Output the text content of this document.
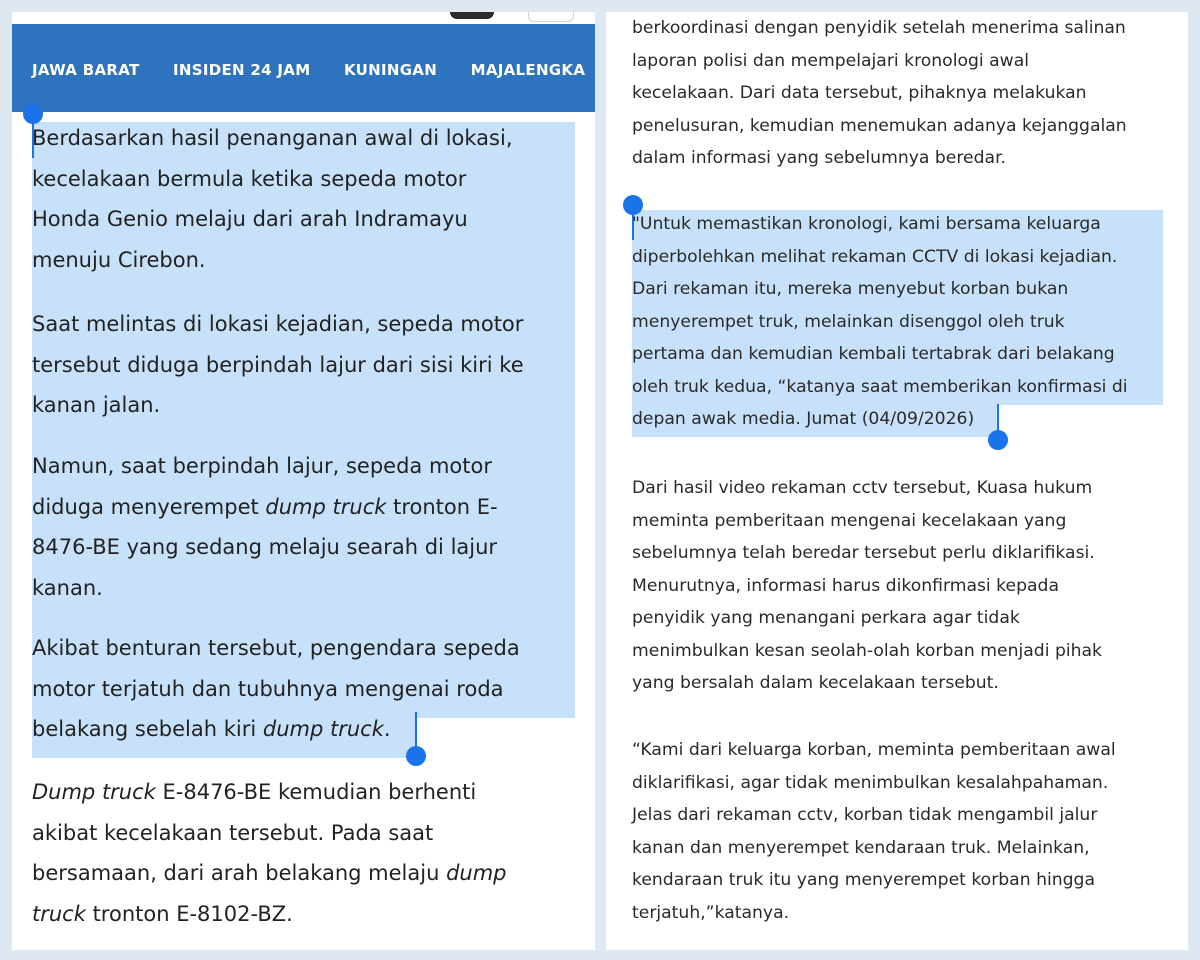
JAWA BARAT INSIDEN 24 JAM KUNINGAN MAJALENGKA
Berdasarkan hasil penanganan awal di lokasi,
kecelakaan bermula ketika sepeda motor
Honda Genio melaju dari arah Indramayu
menuju Cirebon.
Saat melintas di lokasi kejadian, sepeda motor
tersebut diduga berpindah lajur dari sisi kiri ke
kanan jalan.
Namun, saat berpindah lajur, sepeda motor
diduga menyerempet dump truck tronton E-
8476-BE yang sedang melaju searah di lajur
kanan.
Akibat benturan tersebut, pengendara sepeda
motor terjatuh dan tubuhnya mengenai roda
belakang sebelah kiri dump truck.
Dump truck E-8476-BE kemudian berhenti
akibat kecelakaan tersebut. Pada saat
bersamaan, dari arah belakang melaju dump
truck tronton E-8102-BZ.
berkoordinasi dengan penyidik setelah menerima salinan
laporan polisi dan mempelajari kronologi awal
kecelakaan. Dari data tersebut, pihaknya melakukan
penelusuran, kemudian menemukan adanya kejanggalan
dalam informasi yang sebelumnya beredar.
"Untuk memastikan kronologi, kami bersama keluarga
diperbolehkan melihat rekaman CCTV di lokasi kejadian.
Dari rekaman itu, mereka menyebut korban bukan
menyerempet truk, melainkan disenggol oleh truk
pertama dan kemudian kembali tertabrak dari belakang
oleh truk kedua, “katanya saat memberikan konfirmasi di
depan awak media. Jumat (04/09/2026)
Dari hasil video rekaman cctv tersebut, Kuasa hukum
meminta pemberitaan mengenai kecelakaan yang
sebelumnya telah beredar tersebut perlu diklarifikasi.
Menurutnya, informasi harus dikonfirmasi kepada
penyidik yang menangani perkara agar tidak
menimbulkan kesan seolah-olah korban menjadi pihak
yang bersalah dalam kecelakaan tersebut.
“Kami dari keluarga korban, meminta pemberitaan awal
diklarifikasi, agar tidak menimbulkan kesalahpahaman.
Jelas dari rekaman cctv, korban tidak mengambil jalur
kanan dan menyerempet kendaraan truk. Melainkan,
kendaraan truk itu yang menyerempet korban hingga
terjatuh,”katanya.
